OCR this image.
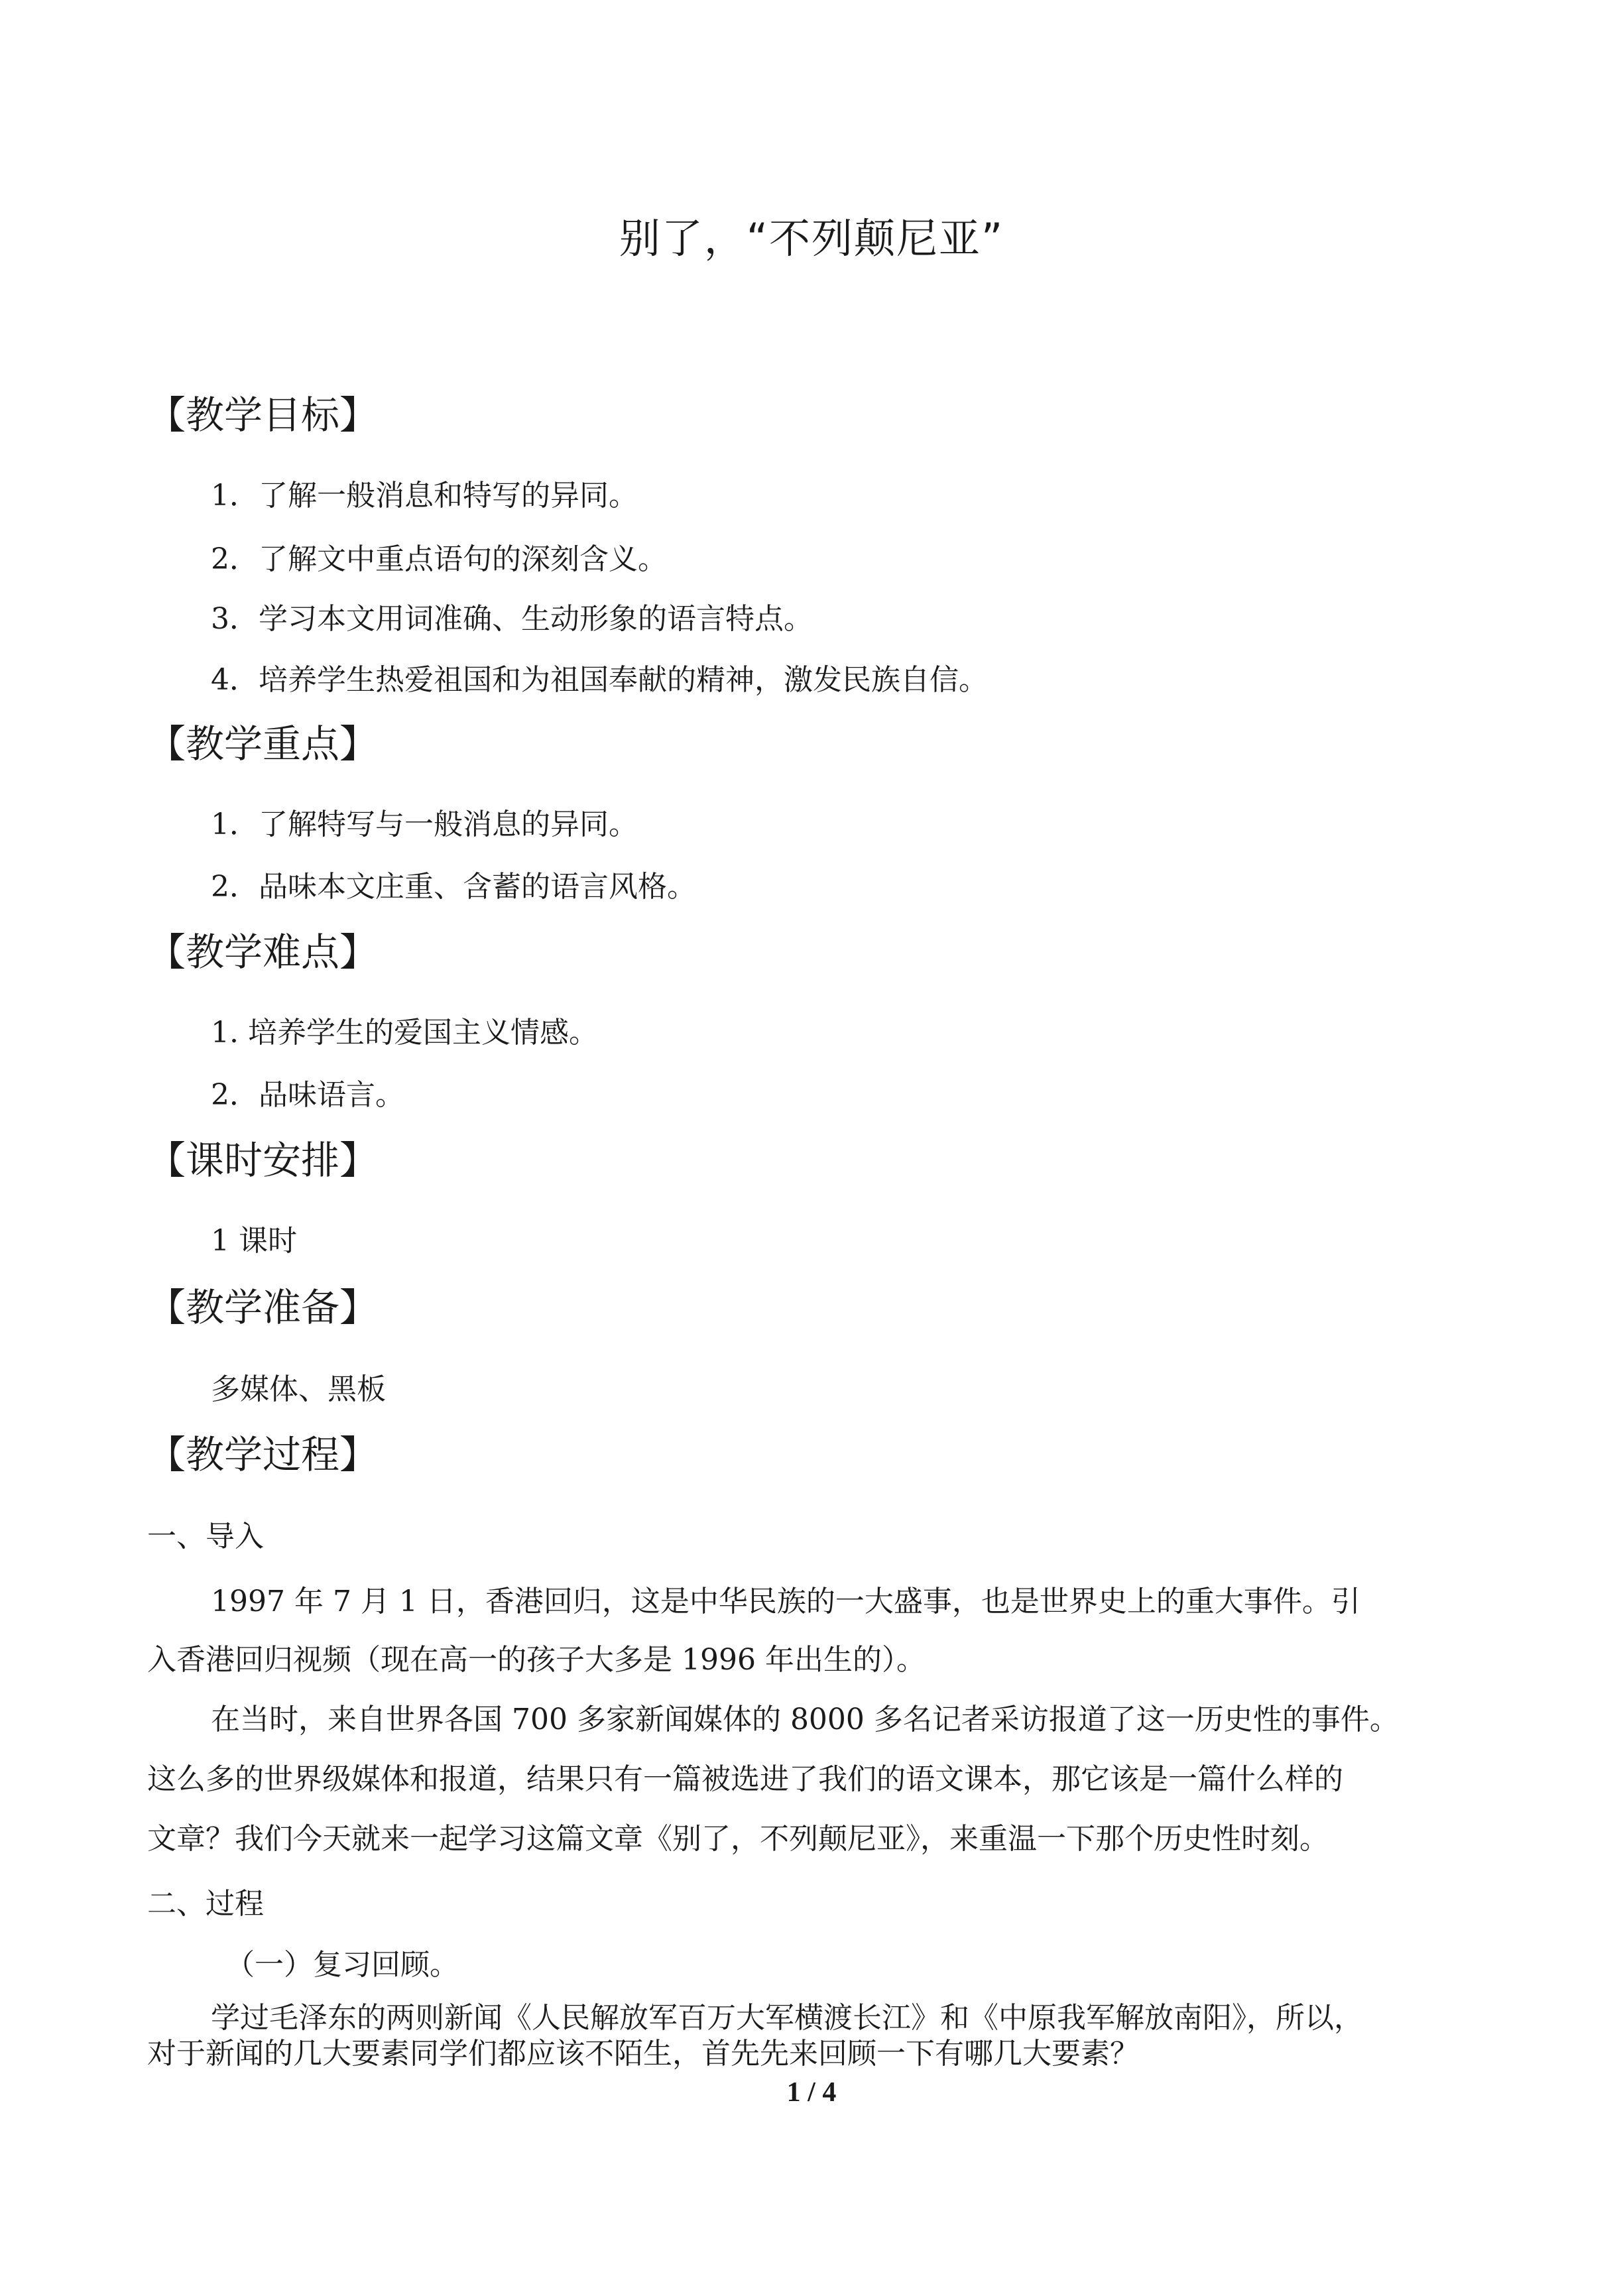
别了，“不列颠尼亚”
【教学目标】
1．了解一般消息和特写的异同。
2．了解文中重点语句的深刻含义。
3．学习本文用词准确、生动形象的语言特点。
4．培养学生热爱祖国和为祖国奉献的精神，激发民族自信。
【教学重点】
1．了解特写与一般消息的异同。
2．品味本文庄重、含蓄的语言风格。
【教学难点】
1. 培养学生的爱国主义情感。
2．品味语言。
【课时安排】
1 课时
【教学准备】
多媒体、黑板
【教学过程】
一、导入
1997 年 7 月 1 日，香港回归，这是中华民族的一大盛事，也是世界史上的重大事件。引
入香港回归视频（现在高一的孩子大多是 1996 年出生的）。
在当时，来自世界各国 700 多家新闻媒体的 8000 多名记者采访报道了这一历史性的事件。
这么多的世界级媒体和报道，结果只有一篇被选进了我们的语文课本，那它该是一篇什么样的
文章？我们今天就来一起学习这篇文章《别了，不列颠尼亚》，来重温一下那个历史性时刻。
二、过程
（一）复习回顾。
学过毛泽东的两则新闻《人民解放军百万大军横渡长江》和《中原我军解放南阳》，所以，
对于新闻的几大要素同学们都应该不陌生，首先先来回顾一下有哪几大要素？
1 / 4
